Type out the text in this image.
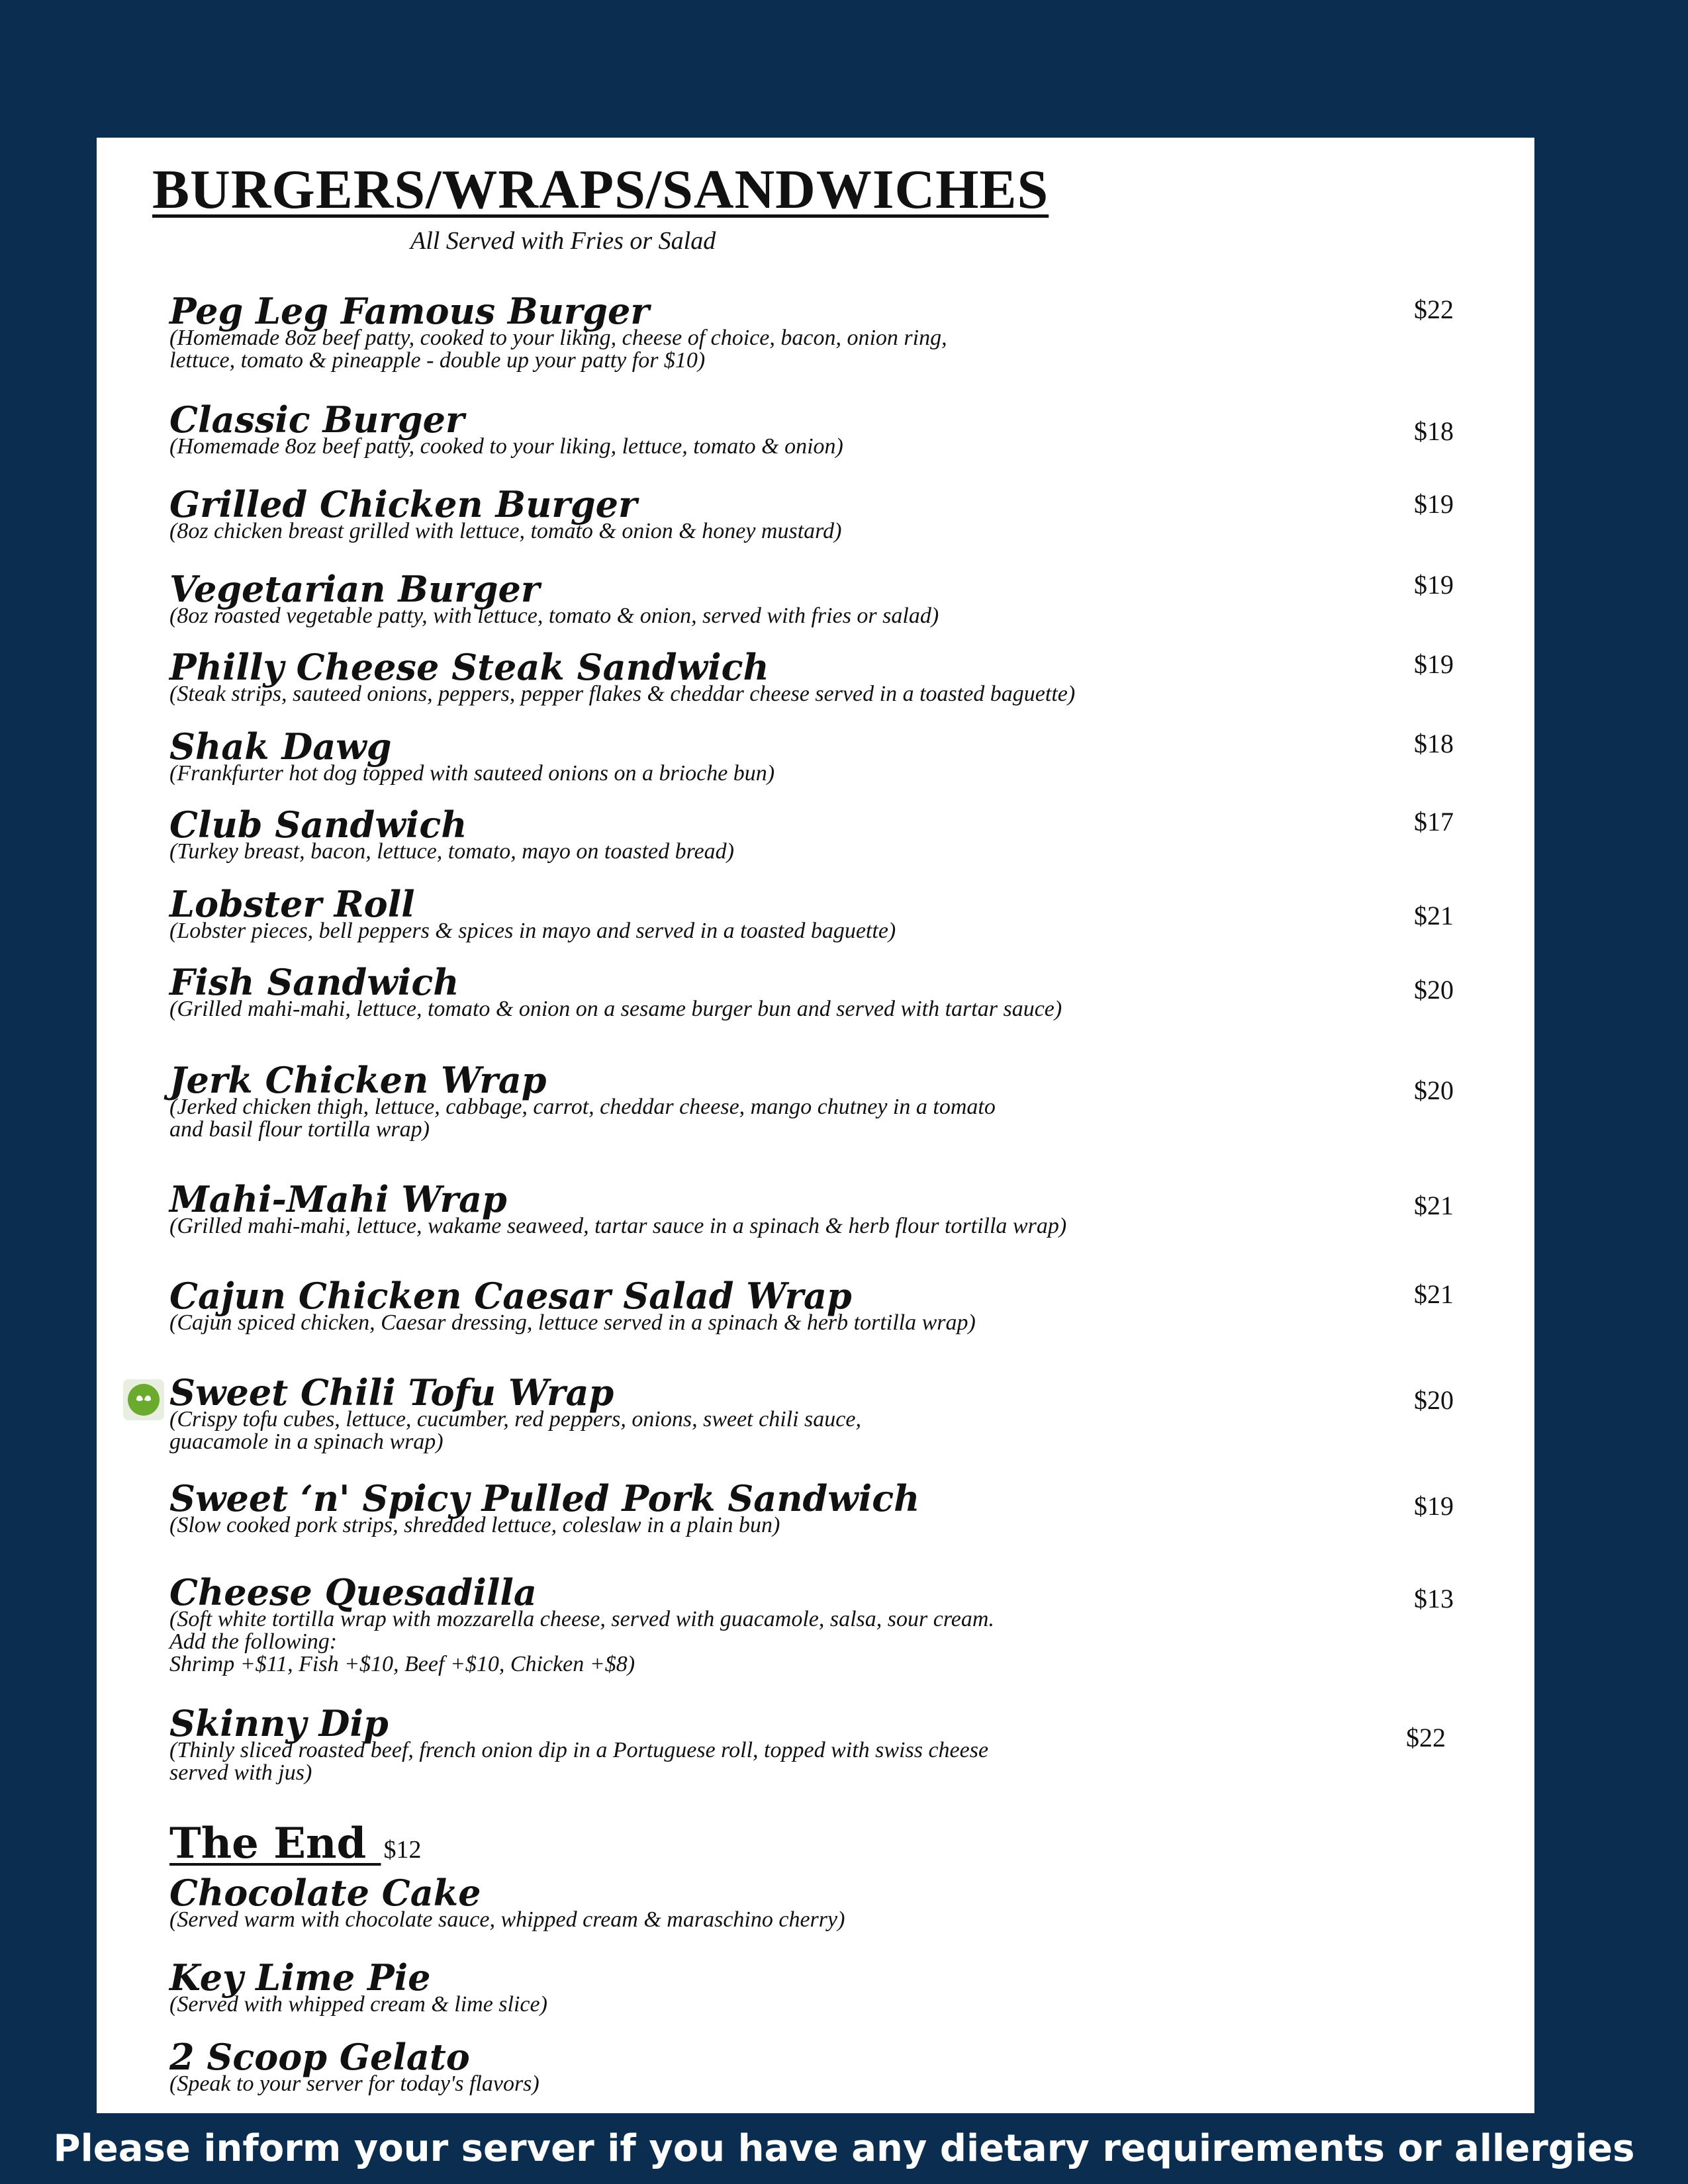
BURGERS/WRAPS/SANDWICHES
All Served with Fries or Salad
Peg Leg Famous Burger
(Homemade 8oz beef patty, cooked to your liking, cheese of choice, bacon, onion ring,
lettuce, tomato & pineapple - double up your patty for $10)
$22
Classic Burger
(Homemade 8oz beef patty, cooked to your liking, lettuce, tomato & onion)
$18
Grilled Chicken Burger
(8oz chicken breast grilled with lettuce, tomato & onion & honey mustard)
$19
Vegetarian Burger
(8oz roasted vegetable patty, with lettuce, tomato & onion, served with fries or salad)
$19
Philly Cheese Steak Sandwich
(Steak strips, sauteed onions, peppers, pepper flakes & cheddar cheese served in a toasted baguette)
$19
Shak Dawg
(Frankfurter hot dog topped with sauteed onions on a brioche bun)
$18
Club Sandwich
(Turkey breast, bacon, lettuce, tomato, mayo on toasted bread)
$17
Lobster Roll
(Lobster pieces, bell peppers & spices in mayo and served in a toasted baguette)
$21
Fish Sandwich
(Grilled mahi-mahi, lettuce, tomato & onion on a sesame burger bun and served with tartar sauce)
$20
Jerk Chicken Wrap
(Jerked chicken thigh, lettuce, cabbage, carrot, cheddar cheese, mango chutney in a tomato
and basil flour tortilla wrap)
$20
Mahi-Mahi Wrap
(Grilled mahi-mahi, lettuce, wakame seaweed, tartar sauce in a spinach & herb flour tortilla wrap)
$21
Cajun Chicken Caesar Salad Wrap
(Cajun spiced chicken, Caesar dressing, lettuce served in a spinach & herb tortilla wrap)
$21
Sweet Chili Tofu Wrap
(Crispy tofu cubes, lettuce, cucumber, red peppers, onions, sweet chili sauce,
guacamole in a spinach wrap)
$20
Sweet ‘n' Spicy Pulled Pork Sandwich
(Slow cooked pork strips, shredded lettuce, coleslaw in a plain bun)
$19
Cheese Quesadilla
(Soft white tortilla wrap with mozzarella cheese, served with guacamole, salsa, sour cream.
Add the following:
Shrimp +$11, Fish +$10, Beef +$10, Chicken +$8)
$13
Skinny Dip
(Thinly sliced roasted beef, french onion dip in a Portuguese roll, topped with swiss cheese
served with jus)
$22
The End $12
Chocolate Cake
(Served warm with chocolate sauce, whipped cream & maraschino cherry)
Key Lime Pie
(Served with whipped cream & lime slice)
2 Scoop Gelato
(Speak to your server for today's flavors)
Please inform your server if you have any dietary requirements or allergies
